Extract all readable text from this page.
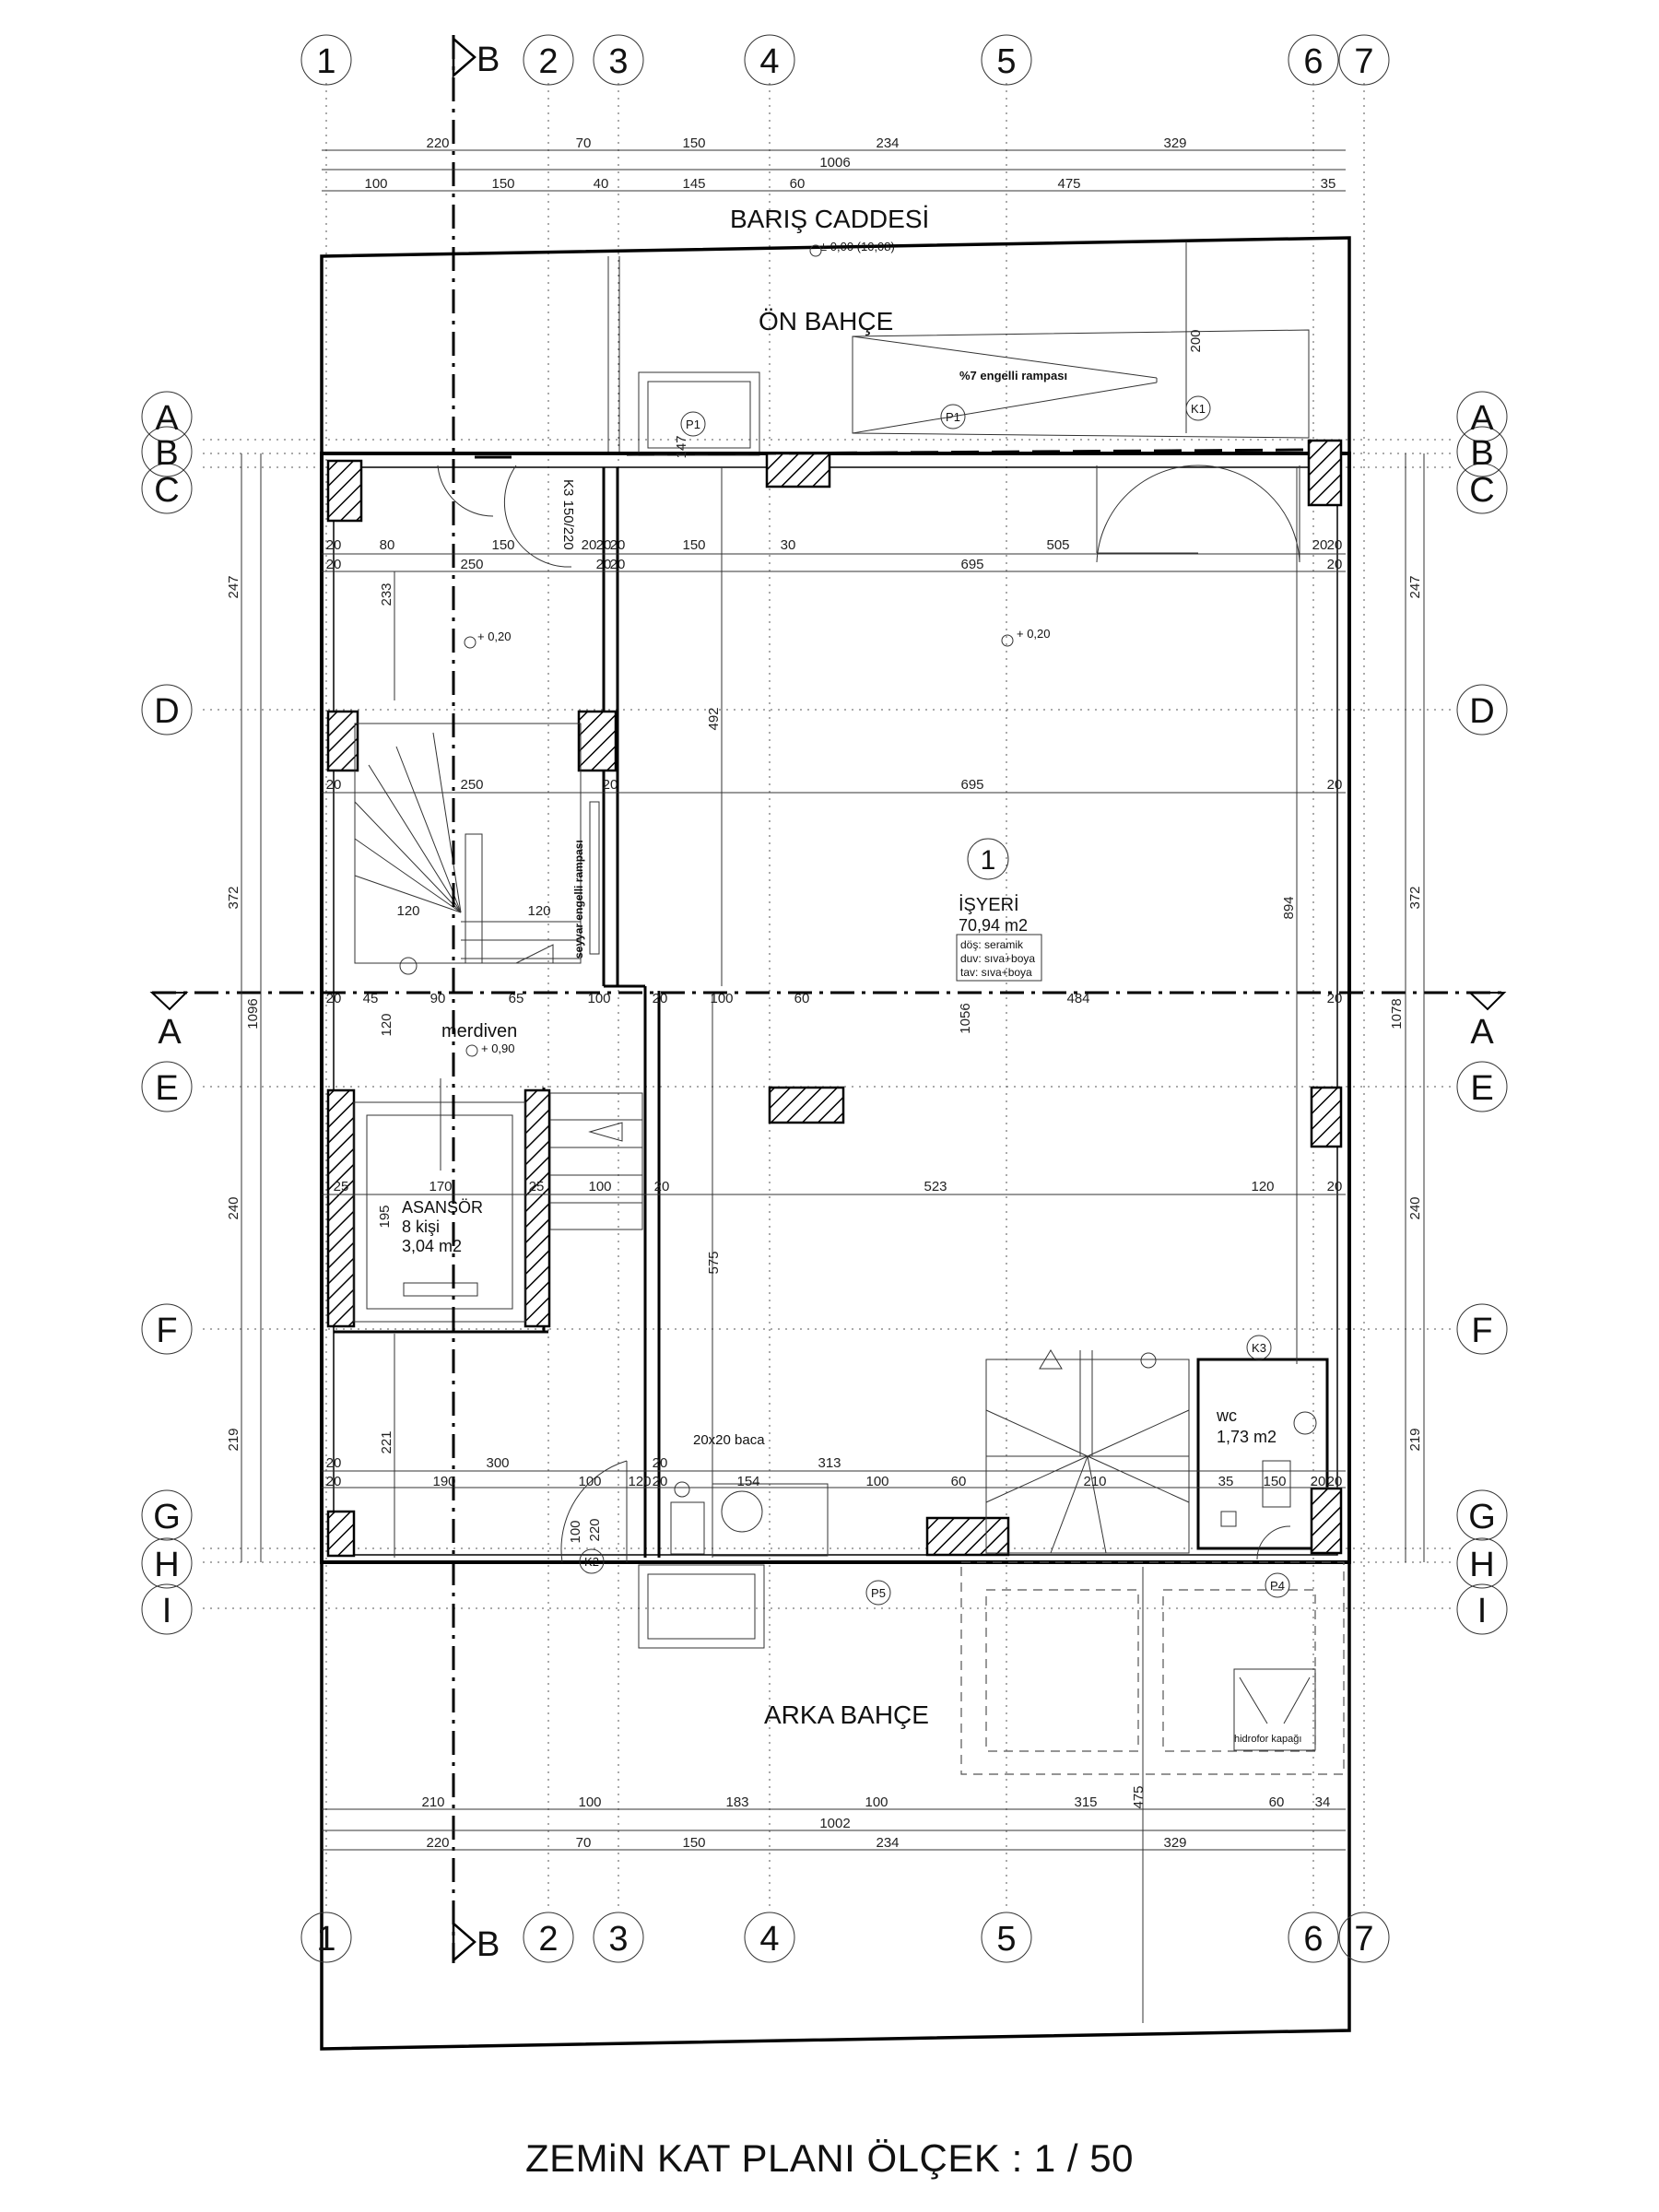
1	2 3	4	5	6 7
1	2 3	4	5	6 7
A
B
C
D
E
F
G
H
I
A
B
C
D
E
F
G
H
I
A	A
B
B
BARIŞ CADDESİ
ÖN BAHÇE
ARKA BAHÇE
%7 engelli rampası
20x20 baca
hidrofor kapağı
merdiven
seyyar engelli rampası
± 0,00 (10,08)
+ 0,20	+ 0,20
+ 0,90
1
İŞYERİ
70,94 m2
döş: seramik
duv: sıva+boya
tav: sıva+boya
ASANSÖR
8 kişi
3,04 m2
wc
1,73 m2
P1
P1
K1
K3
P5
P4
K2
K3 150/220
220	70	150	234	329
1006
100	150	40	145	60	475	35
210	100	183	100	315	60 34
1002
220	70	150	234	329
247
372
240
219
1096
247
372
240
219
1078
20	80	150	20 20
20	150	30	505	20 20
20	250	20
20	695	20
233
492
894
20	250	20	695	20
120	120
20 45	90	65	100	20	100	60
1056
484	20
120
25	170	25	100	20	523	120	20
195
575
221
20	300	20	313
20	190	100 120 20	154	100	60	210	35 150 20
200
20
220
100
147
475
ZEMiN KAT PLANI ÖLÇEK : 1 / 50
